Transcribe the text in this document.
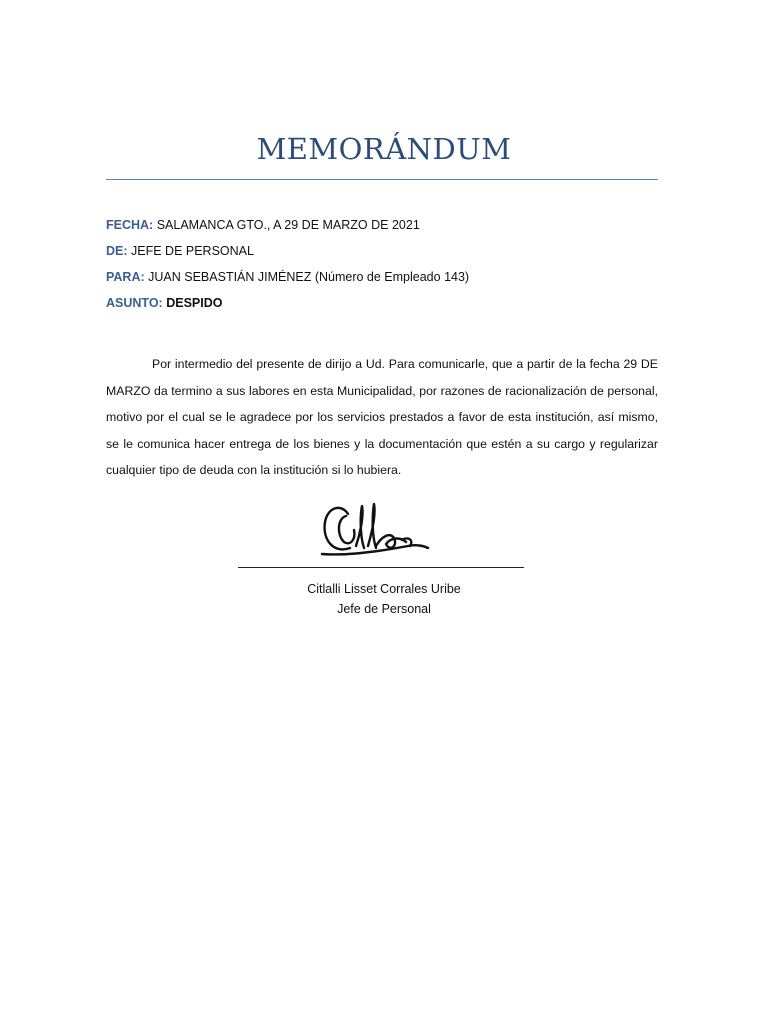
MEMORÁNDUM
FECHA: SALAMANCA GTO., A 29 DE MARZO DE 2021
DE: JEFE DE PERSONAL
PARA: JUAN SEBASTIÁN JIMÉNEZ (Número de Empleado 143)
ASUNTO: DESPIDO

Por intermedio del presente de dirijo a Ud. Para comunicarle, que a partir de la fecha 29 DE MARZO da termino a sus labores en esta Municipalidad, por razones de racionalización de personal, motivo por el cual se le agradece por los servicios prestados a favor de esta institución, así mismo, se le comunica hacer entrega de los bienes y la documentación que estén a su cargo y regularizar cualquier tipo de deuda con la institución si lo hubiera.

Citlalli Lisset Corrales Uribe
Jefe de Personal
